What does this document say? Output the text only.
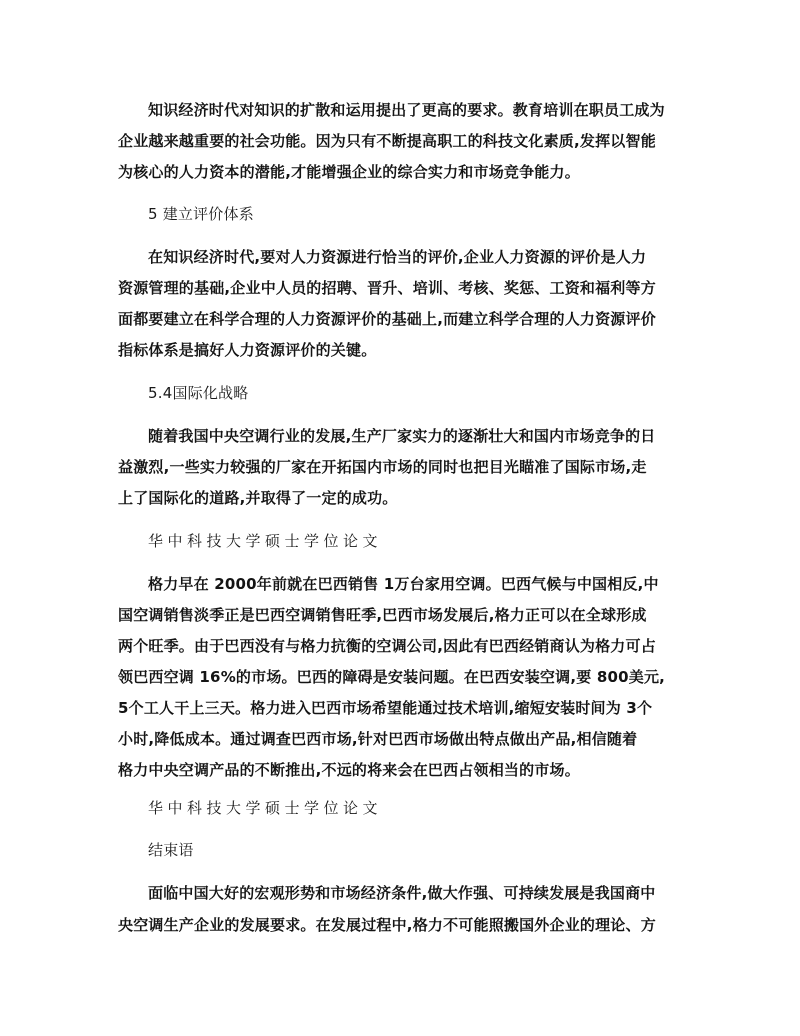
知识经济时代对知识的扩散和运用提出了更高的要求。教育培训在职员工成为
企业越来越重要的社会功能。因为只有不断提高职工的科技文化素质,发挥以智能
为核心的人力资本的潜能,才能增强企业的综合实力和市场竞争能力。
5 建立评价体系
在知识经济时代,要对人力资源进行恰当的评价,企业人力资源的评价是人力
资源管理的基础,企业中人员的招聘、晋升、培训、考核、奖惩、工资和福利等方
面都要建立在科学合理的人力资源评价的基础上,而建立科学合理的人力资源评价
指标体系是搞好人力资源评价的关键。
5.4国际化战略
随着我国中央空调行业的发展,生产厂家实力的逐渐壮大和国内市场竞争的日
益激烈,一些实力较强的厂家在开拓国内市场的同时也把目光瞄准了国际市场,走
上了国际化的道路,并取得了一定的成功。
华中科技大学硕士学位论文
格力早在 2000年前就在巴西销售 1万台家用空调。巴西气候与中国相反,中
国空调销售淡季正是巴西空调销售旺季,巴西市场发展后,格力正可以在全球形成
两个旺季。由于巴西没有与格力抗衡的空调公司,因此有巴西经销商认为格力可占
领巴西空调 16%的市场。巴西的障碍是安装问题。在巴西安装空调,要 800美元,
5个工人干上三天。格力进入巴西市场希望能通过技术培训,缩短安装时间为 3个
小时,降低成本。通过调查巴西市场,针对巴西市场做出特点做出产品,相信随着
格力中央空调产品的不断推出,不远的将来会在巴西占领相当的市场。
华中科技大学硕士学位论文
结束语
面临中国大好的宏观形势和市场经济条件,做大作强、可持续发展是我国商中
央空调生产企业的发展要求。在发展过程中,格力不可能照搬国外企业的理论、方
